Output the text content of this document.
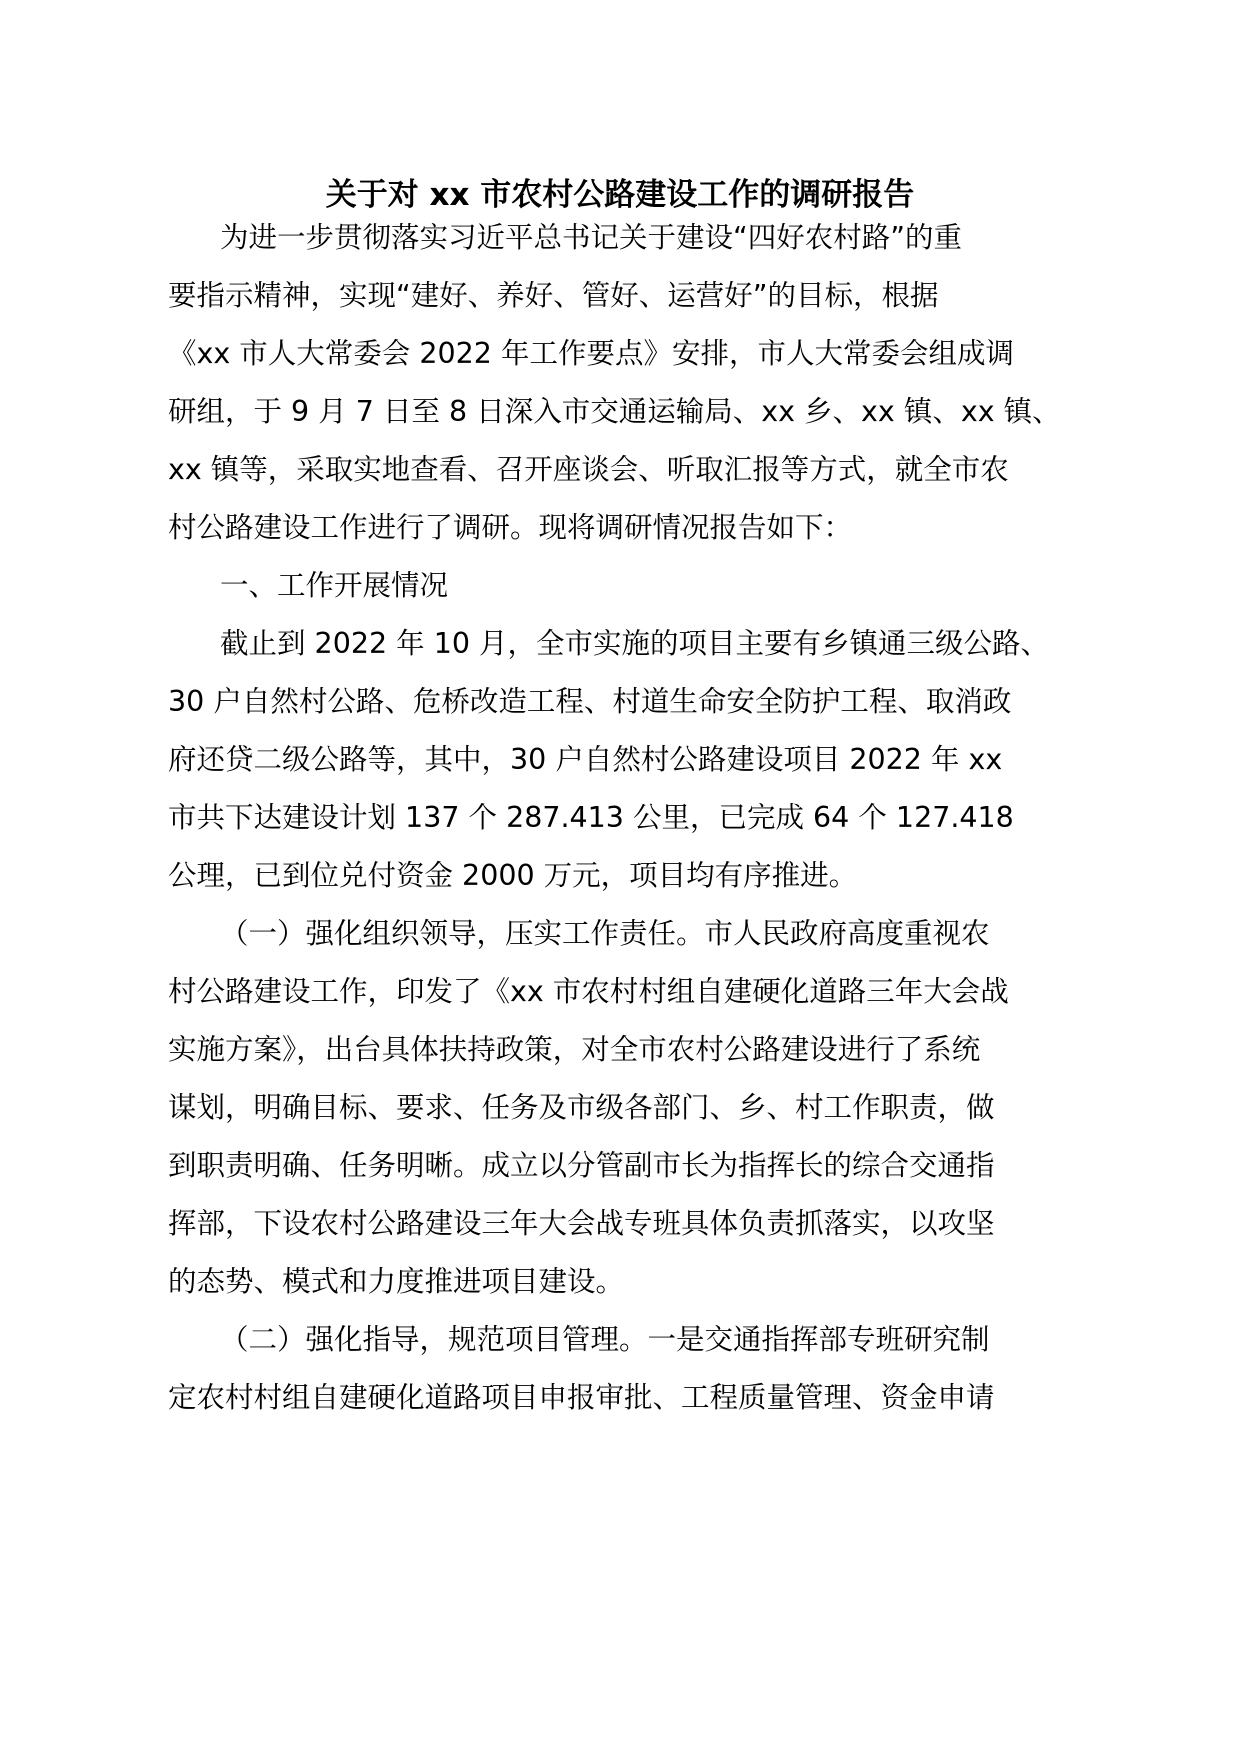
关于对 xx 市农村公路建设工作的调研报告
为进一步贯彻落实习近平总书记关于建设“四好农村路”的重
要指示精神，实现“建好、养好、管好、运营好”的目标，根据
《xx 市人大常委会 2022 年工作要点》安排，市人大常委会组成调
研组，于 9 月 7 日至 8 日深入市交通运输局、xx 乡、xx 镇、xx 镇、
xx 镇等，采取实地查看、召开座谈会、听取汇报等方式，就全市农
村公路建设工作进行了调研。现将调研情况报告如下：
一、工作开展情况
截止到 2022 年 10 月，全市实施的项目主要有乡镇通三级公路、
30 户自然村公路、危桥改造工程、村道生命安全防护工程、取消政
府还贷二级公路等，其中，30 户自然村公路建设项目 2022 年 xx
市共下达建设计划 137 个 287.413 公里，已完成 64 个 127.418
公理，已到位兑付资金 2000 万元，项目均有序推进。
（一）强化组织领导，压实工作责任。市人民政府高度重视农
村公路建设工作，印发了《xx 市农村村组自建硬化道路三年大会战
实施方案》，出台具体扶持政策，对全市农村公路建设进行了系统
谋划，明确目标、要求、任务及市级各部门、乡、村工作职责，做
到职责明确、任务明晰。成立以分管副市长为指挥长的综合交通指
挥部，下设农村公路建设三年大会战专班具体负责抓落实，以攻坚
的态势、模式和力度推进项目建设。
（二）强化指导，规范项目管理。一是交通指挥部专班研究制
定农村村组自建硬化道路项目申报审批、工程质量管理、资金申请
